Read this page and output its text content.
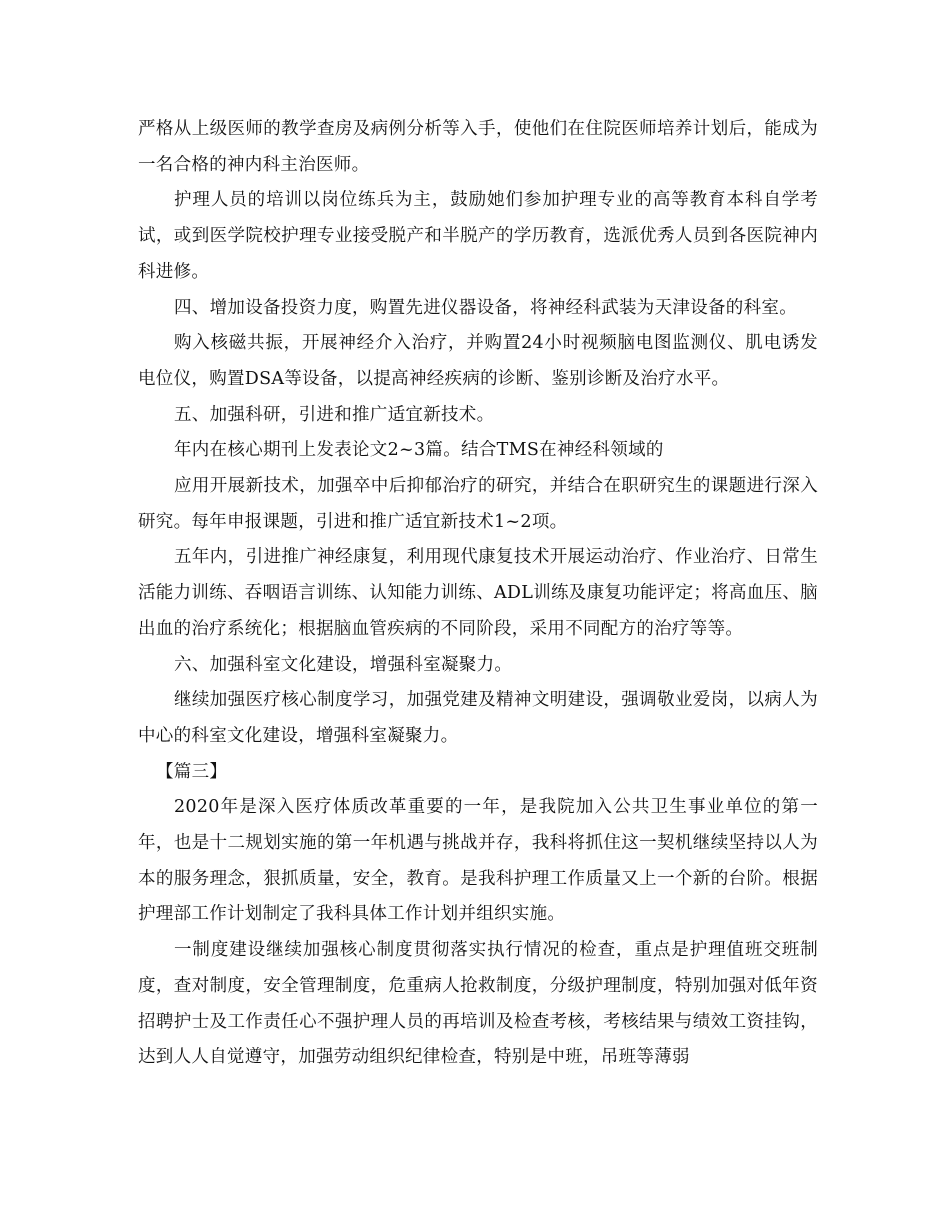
严格从上级医师的教学查房及病例分析等入手，使他们在住院医师培养计划后，能成为一名合格的神内科主治医师。

护理人员的培训以岗位练兵为主，鼓励她们参加护理专业的高等教育本科自学考试，或到医学院校护理专业接受脱产和半脱产的学历教育，选派优秀人员到各医院神内科进修。

四、增加设备投资力度，购置先进仪器设备，将神经科武装为天津设备的科室。

购入核磁共振，开展神经介入治疗，并购置24小时视频脑电图监测仪、肌电诱发电位仪，购置DSA等设备，以提高神经疾病的诊断、鉴别诊断及治疗水平。

五、加强科研，引进和推广适宜新技术。

年内在核心期刊上发表论文2~3篇。结合TMS在神经科领域的

应用开展新技术，加强卒中后抑郁治疗的研究，并结合在职研究生的课题进行深入研究。每年申报课题，引进和推广适宜新技术1~2项。

五年内，引进推广神经康复，利用现代康复技术开展运动治疗、作业治疗、日常生活能力训练、吞咽语言训练、认知能力训练、ADL训练及康复功能评定；将高血压、脑出血的治疗系统化；根据脑血管疾病的不同阶段，采用不同配方的治疗等等。

六、加强科室文化建设，增强科室凝聚力。

继续加强医疗核心制度学习，加强党建及精神文明建设，强调敬业爱岗，以病人为中心的科室文化建设，增强科室凝聚力。

【篇三】

2020年是深入医疗体质改革重要的一年，是我院加入公共卫生事业单位的第一年，也是十二规划实施的第一年机遇与挑战并存，我科将抓住这一契机继续坚持以人为本的服务理念，狠抓质量，安全，教育。是我科护理工作质量又上一个新的台阶。根据护理部工作计划制定了我科具体工作计划并组织实施。

一制度建设继续加强核心制度贯彻落实执行情况的检查，重点是护理值班交班制度，查对制度，安全管理制度，危重病人抢救制度，分级护理制度，特别加强对低年资招聘护士及工作责任心不强护理人员的再培训及检查考核，考核结果与绩效工资挂钩，达到人人自觉遵守，加强劳动组织纪律检查，特别是中班，吊班等薄弱
